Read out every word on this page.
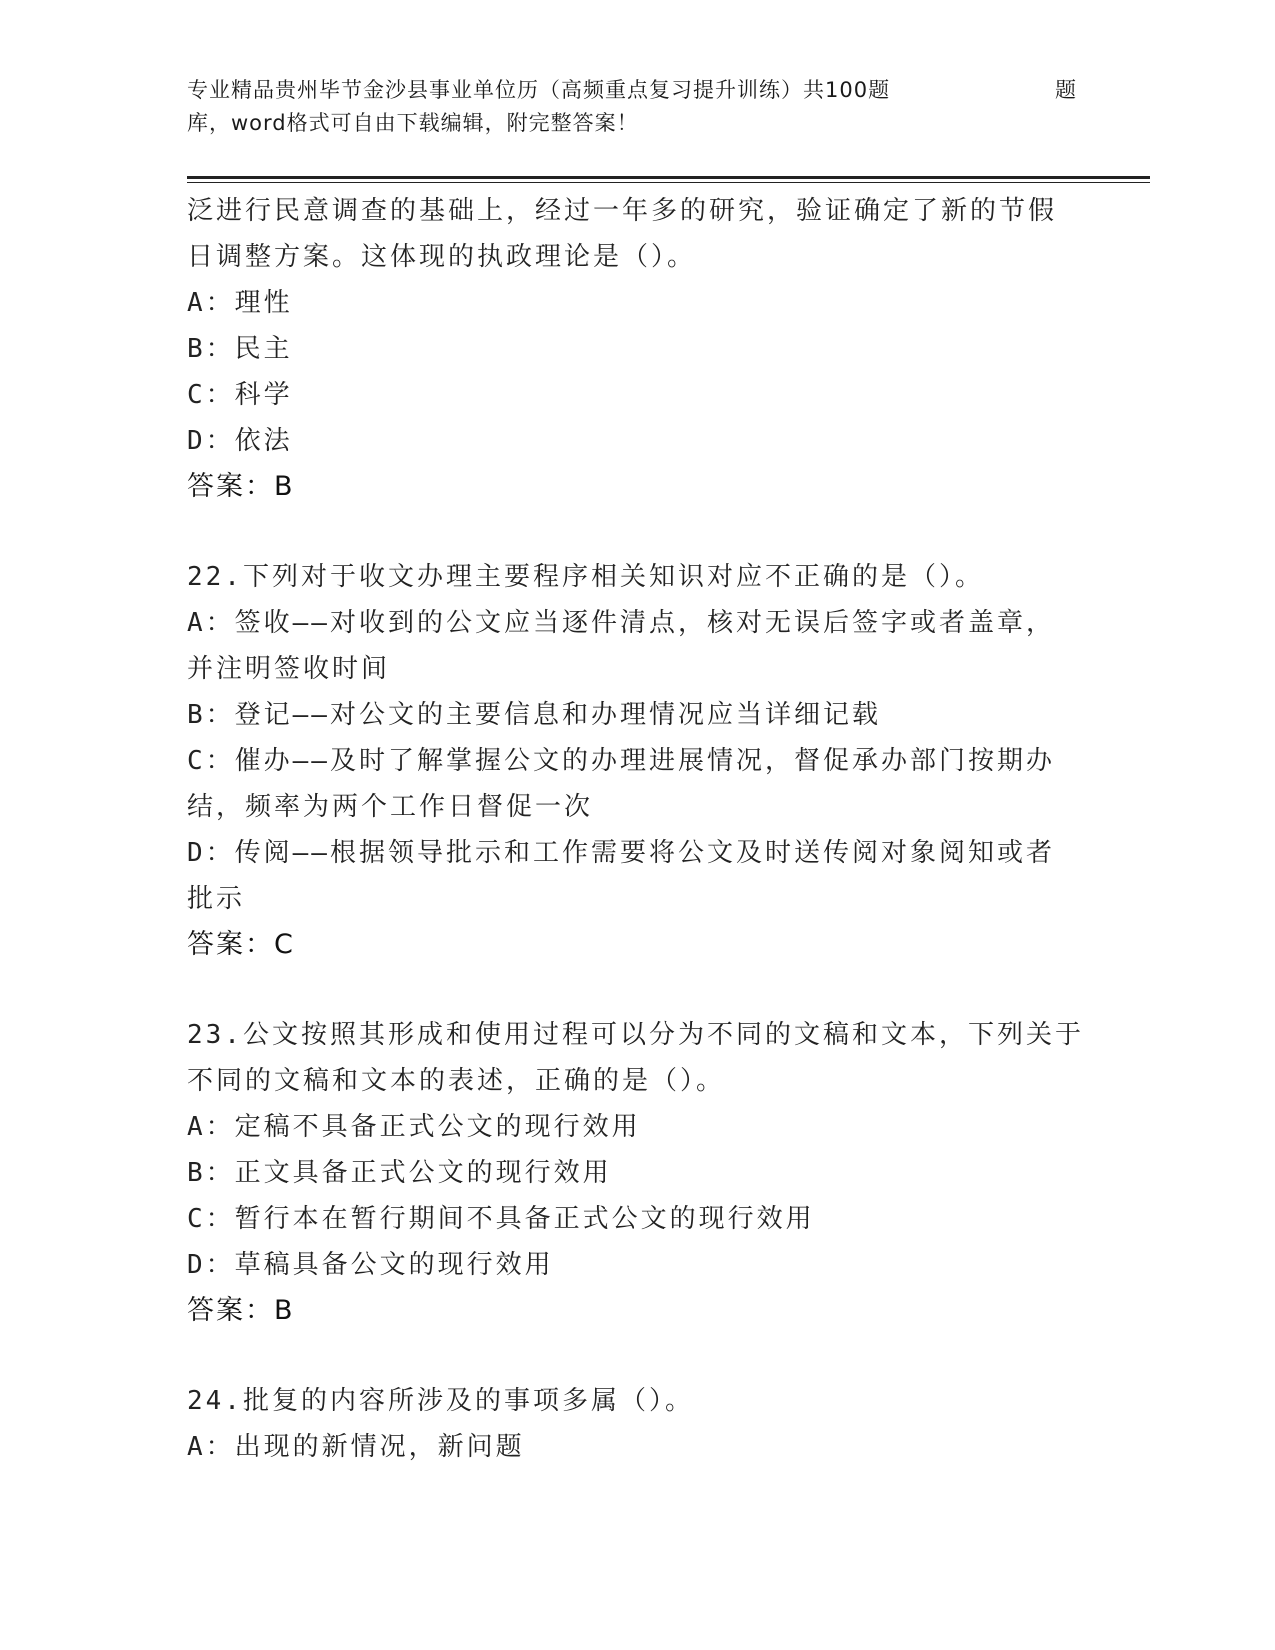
专业精品贵州毕节金沙县事业单位历（高频重点复习提升训练）共100题	题
库，word格式可自由下载编辑，附完整答案！
泛进行民意调查的基础上，经过一年多的研究，验证确定了新的节假
日调整方案。这体现的执政理论是（）。
A：理性
B：民主
C：科学
D：依法
答案：B
22.下列对于收文办理主要程序相关知识对应不正确的是（）。
A：签收——对收到的公文应当逐件清点，核对无误后签字或者盖章，
并注明签收时间
B：登记——对公文的主要信息和办理情况应当详细记载
C：催办——及时了解掌握公文的办理进展情况，督促承办部门按期办
结，频率为两个工作日督促一次
D：传阅——根据领导批示和工作需要将公文及时送传阅对象阅知或者
批示
答案：C
23.公文按照其形成和使用过程可以分为不同的文稿和文本，下列关于
不同的文稿和文本的表述，正确的是（）。
A：定稿不具备正式公文的现行效用
B：正文具备正式公文的现行效用
C：暂行本在暂行期间不具备正式公文的现行效用
D：草稿具备公文的现行效用
答案：B
24.批复的内容所涉及的事项多属（）。
A：出现的新情况，新问题
